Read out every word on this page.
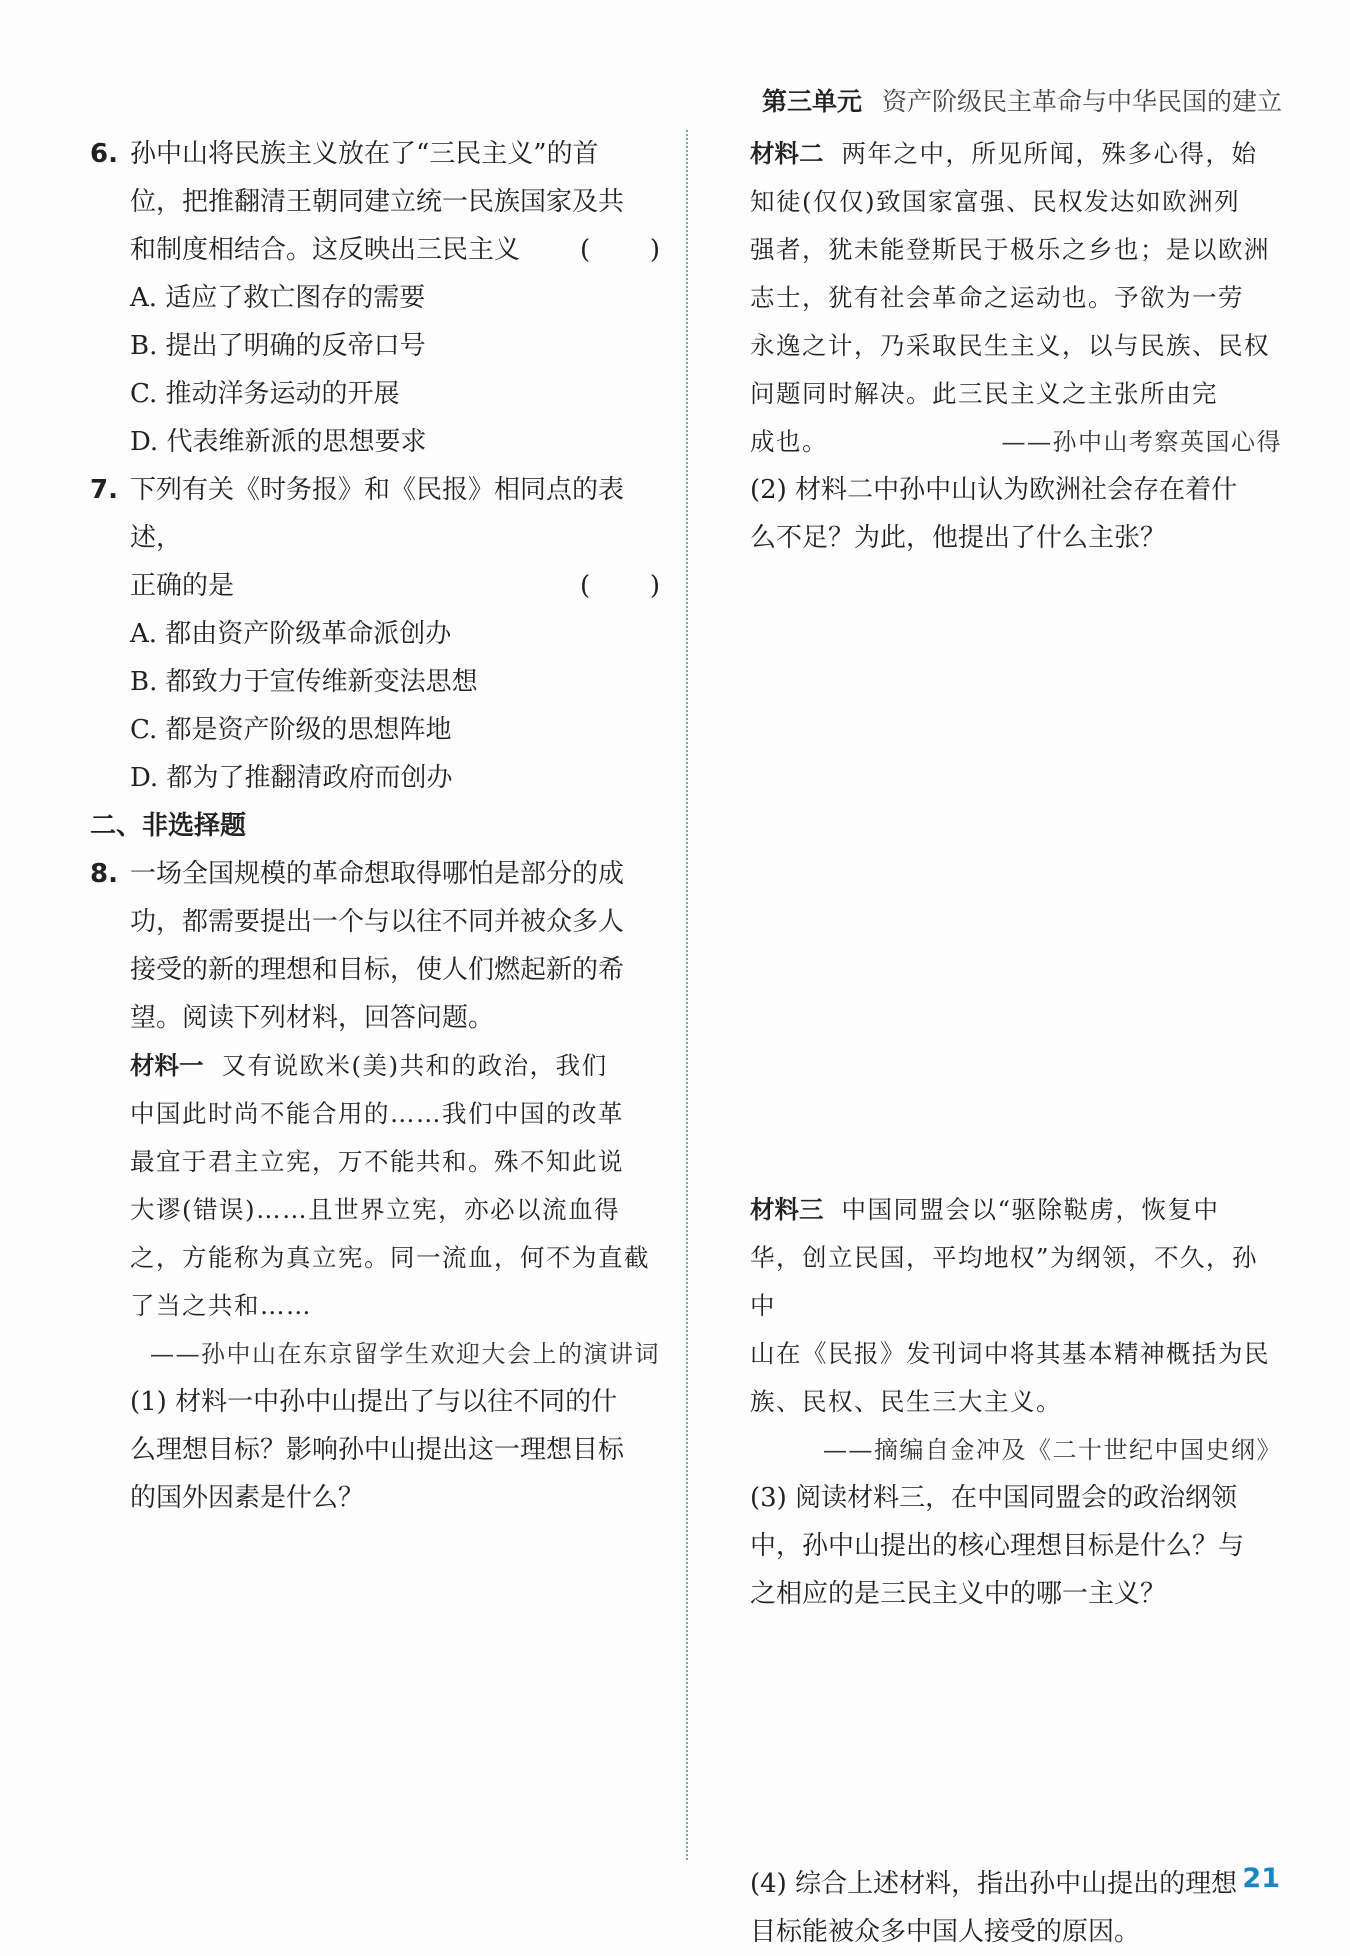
第三单元 资产阶级民主革命与中华民国的建立
6. 孙中山将民族主义放在了“三民主义”的首
位，把推翻清王朝同建立统一民族国家及共
和制度相结合。这反映出三民主义 ( )
A. 适应了救亡图存的需要
B. 提出了明确的反帝口号
C. 推动洋务运动的开展
D. 代表维新派的思想要求
7. 下列有关《时务报》和《民报》相同点的表述，
正确的是	( )
A. 都由资产阶级革命派创办
B. 都致力于宣传维新变法思想
C. 都是资产阶级的思想阵地
D. 都为了推翻清政府而创办
二、非选择题
8. 一场全国规模的革命想取得哪怕是部分的成
功，都需要提出一个与以往不同并被众多人
接受的新的理想和目标，使人们燃起新的希
望。阅读下列材料，回答问题。
材料一 又有说欧米(美)共和的政治，我们
中国此时尚不能合用的……我们中国的改革
最宜于君主立宪，万不能共和。殊不知此说
大谬(错误)……且世界立宪，亦必以流血得
之，方能称为真立宪。同一流血，何不为直截
了当之共和……
——孙中山在东京留学生欢迎大会上的演讲词
(1) 材料一中孙中山提出了与以往不同的什
么理想目标？影响孙中山提出这一理想目标
的国外因素是什么？
材料二 两年之中，所见所闻，殊多心得，始
知徒(仅仅)致国家富强、民权发达如欧洲列
强者，犹未能登斯民于极乐之乡也；是以欧洲
志士，犹有社会革命之运动也。予欲为一劳
永逸之计，乃采取民生主义，以与民族、民权
问题同时解决。此三民主义之主张所由完
成也。	——孙中山考察英国心得
(2) 材料二中孙中山认为欧洲社会存在着什
么不足？为此，他提出了什么主张？
材料三 中国同盟会以“驱除鞑虏，恢复中
华，创立民国，平均地权”为纲领，不久，孙中
山在《民报》发刊词中将其基本精神概括为民
族、民权、民生三大主义。
——摘编自金冲及《二十世纪中国史纲》
(3) 阅读材料三，在中国同盟会的政治纲领
中，孙中山提出的核心理想目标是什么？与
之相应的是三民主义中的哪一主义？
(4) 综合上述材料，指出孙中山提出的理想
目标能被众多中国人接受的原因。
21
